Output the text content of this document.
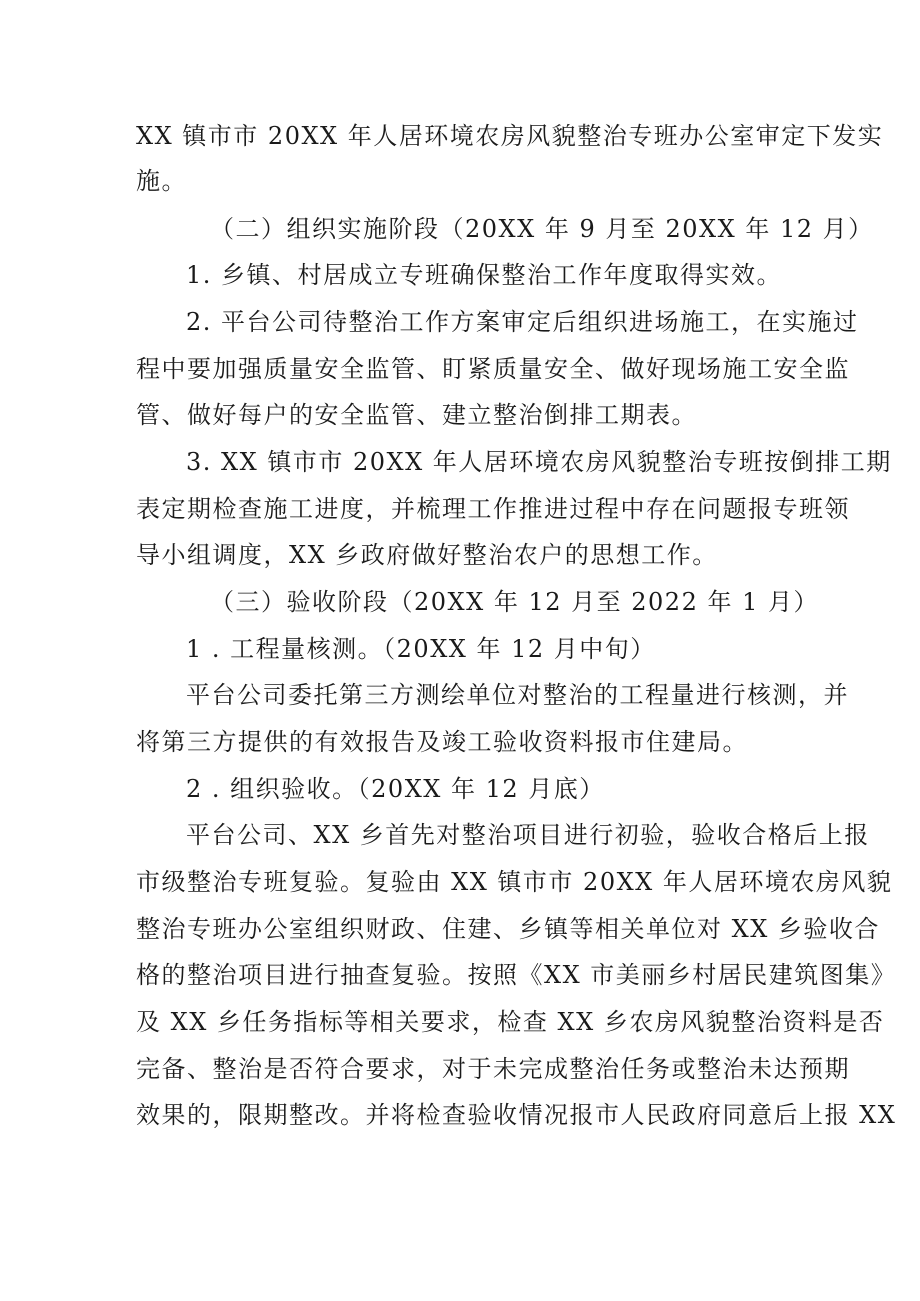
XX 镇市市 20XX 年人居环境农房风貌整治专班办公室审定下发实
施。
（二）组织实施阶段（20XX 年 9 月至 20XX 年 12 月）
1. 乡镇、村居成立专班确保整治工作年度取得实效。
2. 平台公司待整治工作方案审定后组织进场施工，在实施过
程中要加强质量安全监管、盯紧质量安全、做好现场施工安全监
管、做好每户的安全监管、建立整治倒排工期表。
3. XX 镇市市 20XX 年人居环境农房风貌整治专班按倒排工期
表定期检查施工进度，并梳理工作推进过程中存在问题报专班领
导小组调度，XX 乡政府做好整治农户的思想工作。
（三）验收阶段（20XX 年 12 月至 2022 年 1 月）
1 . 工程量核测。（20XX 年 12 月中旬）
平台公司委托第三方测绘单位对整治的工程量进行核测，并
将第三方提供的有效报告及竣工验收资料报市住建局。
2 . 组织验收。（20XX 年 12 月底）
平台公司、XX 乡首先对整治项目进行初验，验收合格后上报
市级整治专班复验。复验由 XX 镇市市 20XX 年人居环境农房风貌
整治专班办公室组织财政、住建、乡镇等相关单位对 XX 乡验收合
格的整治项目进行抽查复验。按照《XX 市美丽乡村居民建筑图集》
及 XX 乡任务指标等相关要求，检查 XX 乡农房风貌整治资料是否
完备、整治是否符合要求，对于未完成整治任务或整治未达预期
效果的，限期整改。并将检查验收情况报市人民政府同意后上报 XX
